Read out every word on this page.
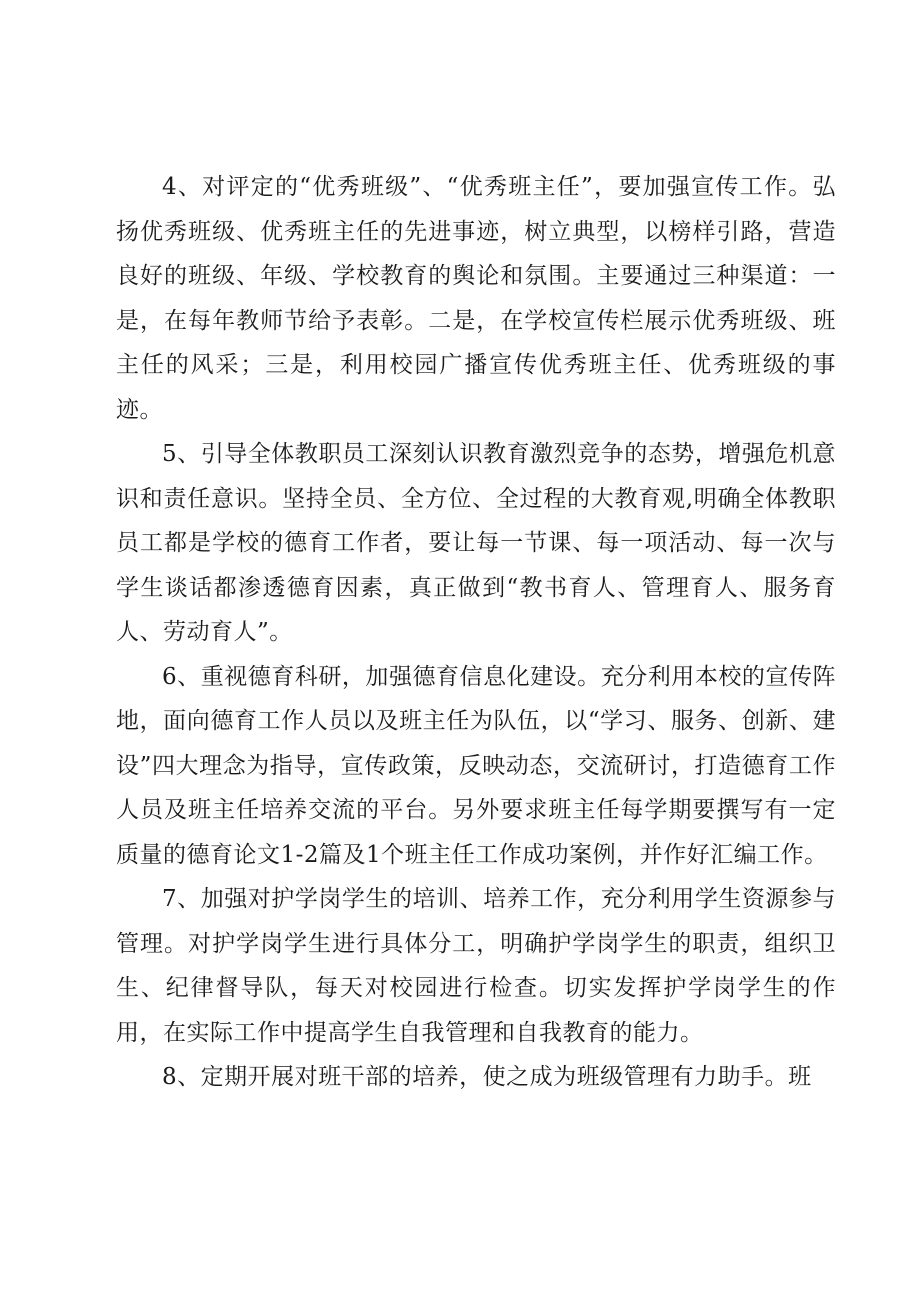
4、对评定的“优秀班级”、“优秀班主任”，要加强宣传工作。弘扬优秀班级、优秀班主任的先进事迹，树立典型，以榜样引路，营造良好的班级、年级、学校教育的舆论和氛围。主要通过三种渠道：一是，在每年教师节给予表彰。二是，在学校宣传栏展示优秀班级、班主任的风采；三是，利用校园广播宣传优秀班主任、优秀班级的事迹。

5、引导全体教职员工深刻认识教育激烈竞争的态势，增强危机意识和责任意识。坚持全员、全方位、全过程的大教育观,明确全体教职员工都是学校的德育工作者，要让每一节课、每一项活动、每一次与学生谈话都渗透德育因素，真正做到“教书育人、管理育人、服务育人、劳动育人”。

6、重视德育科研，加强德育信息化建设。充分利用本校的宣传阵地，面向德育工作人员以及班主任为队伍，以“学习、服务、创新、建设”四大理念为指导，宣传政策，反映动态，交流研讨，打造德育工作人员及班主任培养交流的平台。另外要求班主任每学期要撰写有一定质量的德育论文1-2篇及1个班主任工作成功案例，并作好汇编工作。

7、加强对护学岗学生的培训、培养工作，充分利用学生资源参与管理。对护学岗学生进行具体分工，明确护学岗学生的职责，组织卫生、纪律督导队，每天对校园进行检查。切实发挥护学岗学生的作用，在实际工作中提高学生自我管理和自我教育的能力。

8、定期开展对班干部的培养，使之成为班级管理有力助手。班
